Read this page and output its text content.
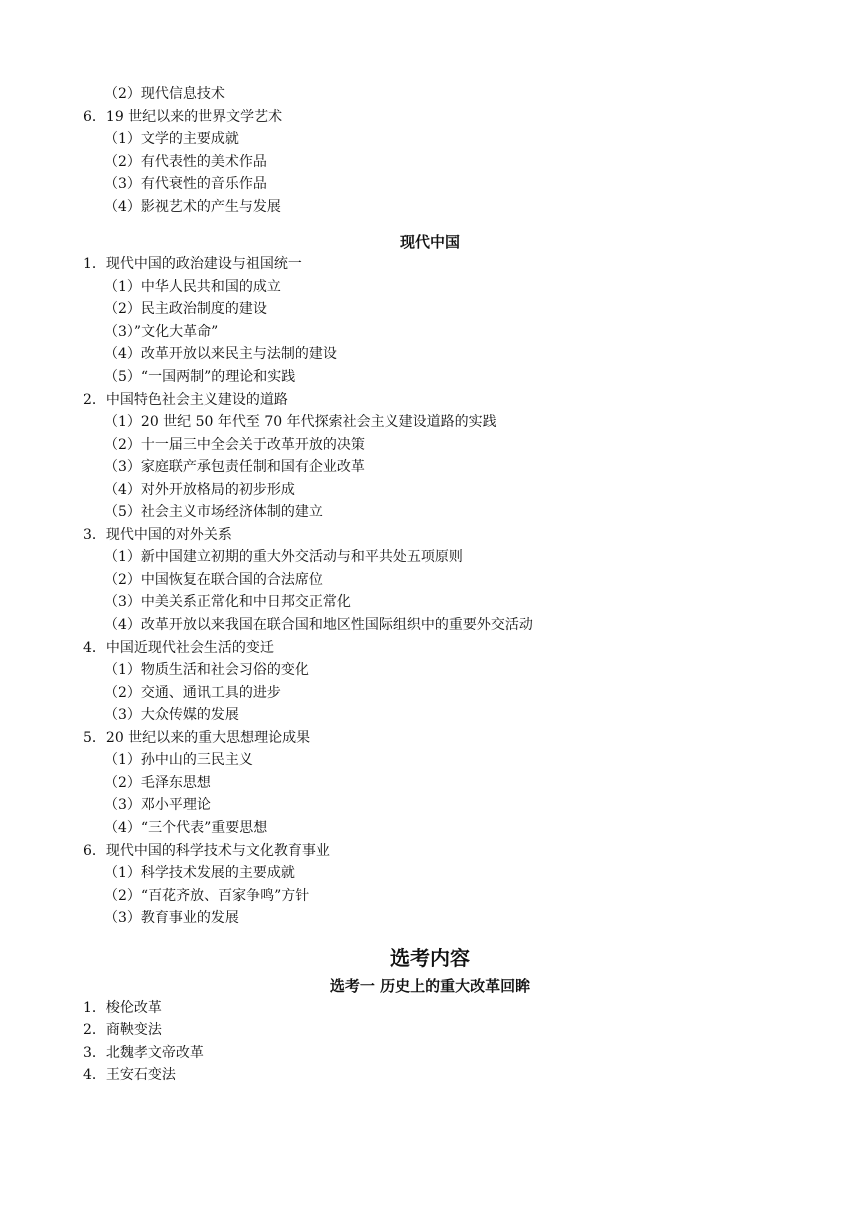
（2）现代信息技术
6．19 世纪以来的世界文学艺术
（1）文学的主要成就
（2）有代表性的美术作品
（3）有代衰性的音乐作品
（4）影视艺术的产生与发展
现代中国
1．现代中国的政治建设与祖国统一
（1）中华人民共和国的成立
（2）民主政治制度的建设
（3）”文化大革命”
（4）改革开放以来民主与法制的建设
（5）“一国两制”的理论和实践
2．中国特色社会主义建设的道路
（1）20 世纪 50 年代至 70 年代探索社会主义建设道路的实践
（2）十一届三中全会关于改革开放的决策
（3）家庭联产承包责任制和国有企业改革
（4）对外开放格局的初步形成
（5）社会主义市场经济体制的建立
3．现代中国的对外关系
（1）新中国建立初期的重大外交活动与和平共处五项原则
（2）中国恢复在联合国的合法席位
（3）中美关系正常化和中日邦交正常化
（4）改革开放以来我国在联合国和地区性国际组织中的重要外交活动
4．中国近现代社会生活的变迁
（1）物质生活和社会习俗的变化
（2）交通、通讯工具的进步
（3）大众传媒的发展
5．20 世纪以来的重大思想理论成果
（1）孙中山的三民主义
（2）毛泽东思想
（3）邓小平理论
（4）“三个代表”重要思想
6．现代中国的科学技术与文化教育事业
（1）科学技术发展的主要成就
（2）“百花齐放、百家争鸣”方针
（3）教育事业的发展
选考内容
选考一 历史上的重大改革回眸
1．梭伦改革
2．商鞅变法
3．北魏孝文帝改革
4．王安石变法
